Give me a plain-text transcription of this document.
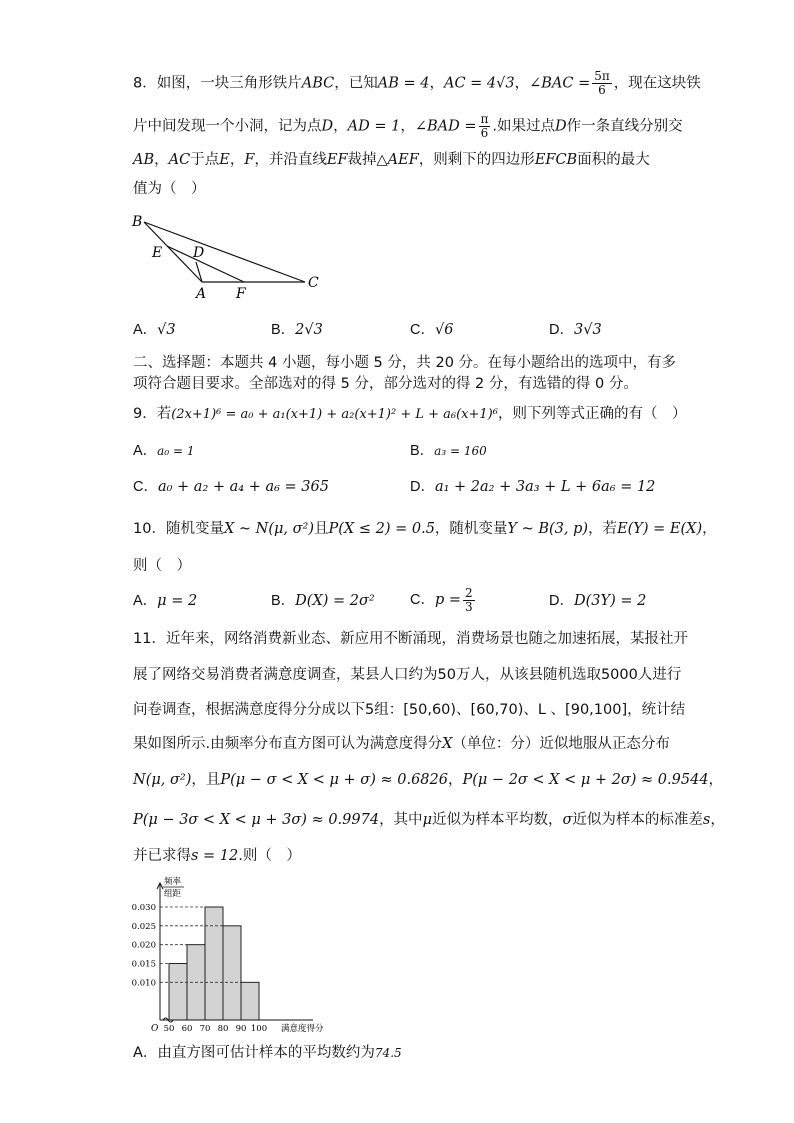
8．如图，一块三角形铁片ABC，已知AB = 4，AC = 4√3，∠BAC = $\frac{5\pi}{6}$ ，现在这块铁
片中间发现一个小洞，记为点D，AD = 1，∠BAD = $\frac{\pi}{6}$ .如果过点D作一条直线分别交
AB，AC于点E，F，并沿直线EF裁掉△AEF，则剩下的四边形EFCB面积的最大
值为（　）
B
E D
A F
C
A．√3	B．2√3	C．√6	D．3√3
二、选择题：本题共 4 小题，每小题 5 分，共 20 分。在每小题给出的选项中，有多
项符合题目要求。全部选对的得 5 分，部分选对的得 2 分，有选错的得 0 分。
9．若(2x+1)⁶ = a₀ + a₁(x+1) + a₂(x+1)² + L + a₆(x+1)⁶，则下列等式正确的有（　）
A．a₀ = 1	B．a₃ = 160
C．a₀ + a₂ + a₄ + a₆ = 365	D．a₁ + 2a₂ + 3a₃ + L + 6a₆ = 12
10．随机变量X ~ N(μ, σ²)且P(X ≤ 2) = 0.5，随机变量Y ~ B(3, p)，若E(Y) = E(X)，
则（　）
A．μ = 2	B．D(X) = 2σ² C．$p = \frac{2}{3}$	D．D(3Y) = 2
11．近年来，网络消费新业态、新应用不断涌现，消费场景也随之加速拓展，某报社开
展了网络交易消费者满意度调查，某县人口约为50万人，从该县随机选取5000人进行
问卷调查，根据满意度得分分成以下5组：[50,60)、[60,70)、L 、[90,100]，统计结
果如图所示.由频率分布直方图可认为满意度得分X（单位：分）近似地服从正态分布
N(μ, σ²)，且P(μ − σ < X < μ + σ) ≈ 0.6826，P(μ − 2σ < X < μ + 2σ) ≈ 0.9544，
P(μ − 3σ < X < μ + 3σ) ≈ 0.9974，其中μ近似为样本平均数，σ近似为样本的标准差s，
并已求得s = 12.则（　）
0.010
0.015
0.020
0.025
0.030
50 60 70 80 90 100
O	满意度得分
频率
组距
A．由直方图可估计样本的平均数约为74.5
